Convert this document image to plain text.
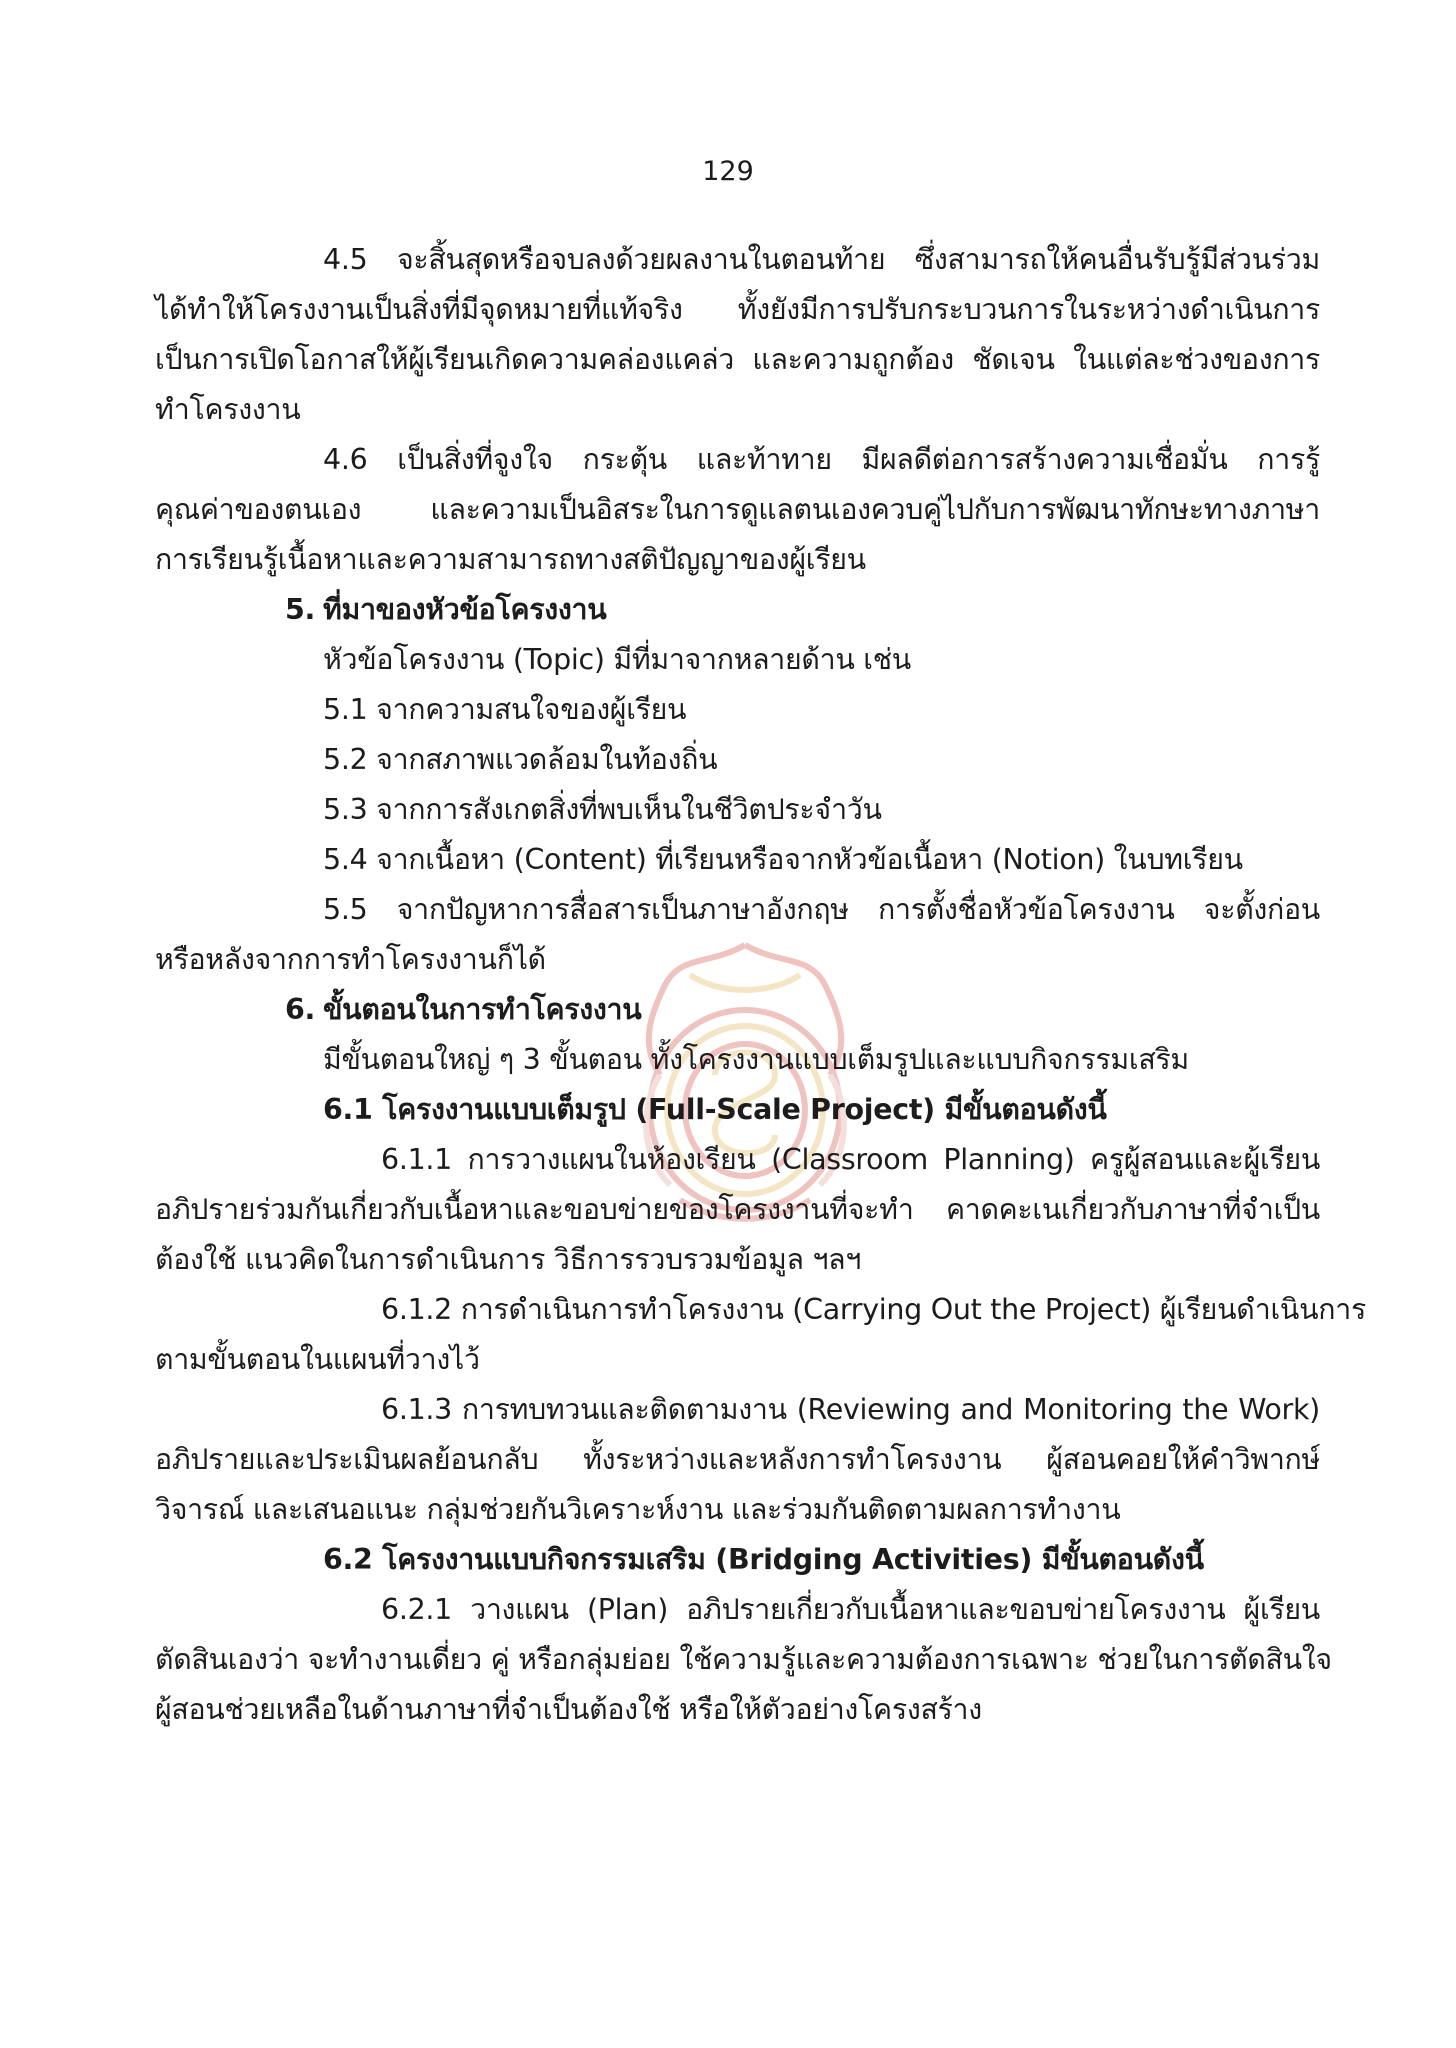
129
4.5 จะสิ้นสุดหรือจบลงด้วยผลงานในตอนท้าย ซึ่งสามารถให้คนอื่นรับรู้มีส่วนร่วม
ได้ทำให้โครงงานเป็นสิ่งที่มีจุดหมายที่แท้จริง ทั้งยังมีการปรับกระบวนการในระหว่างดำเนินการ
เป็นการเปิดโอกาสให้ผู้เรียนเกิดความคล่องแคล่ว และความถูกต้อง ชัดเจน ในแต่ละช่วงของการ
ทำโครงงาน
4.6 เป็นสิ่งที่จูงใจ กระตุ้น และท้าทาย มีผลดีต่อการสร้างความเชื่อมั่น การรู้
คุณค่าของตนเอง และความเป็นอิสระในการดูแลตนเองควบคู่ไปกับการพัฒนาทักษะทางภาษา
การเรียนรู้เนื้อหาและความสามารถทางสติปัญญาของผู้เรียน
5. ที่มาของหัวข้อโครงงาน
หัวข้อโครงงาน (Topic) มีที่มาจากหลายด้าน เช่น
5.1 จากความสนใจของผู้เรียน
5.2 จากสภาพแวดล้อมในท้องถิ่น
5.3 จากการสังเกตสิ่งที่พบเห็นในชีวิตประจำวัน
5.4 จากเนื้อหา (Content) ที่เรียนหรือจากหัวข้อเนื้อหา (Notion) ในบทเรียน
5.5 จากปัญหาการสื่อสารเป็นภาษาอังกฤษ การตั้งชื่อหัวข้อโครงงาน จะตั้งก่อน
หรือหลังจากการทำโครงงานก็ได้
6. ขั้นตอนในการทำโครงงาน
มีขั้นตอนใหญ่ ๆ 3 ขั้นตอน ทั้งโครงงานแบบเต็มรูปและแบบกิจกรรมเสริม
6.1 โครงงานแบบเต็มรูป (Full-Scale Project) มีขั้นตอนดังนี้
6.1.1 การวางแผนในห้องเรียน (Classroom Planning) ครูผู้สอนและผู้เรียน
อภิปรายร่วมกันเกี่ยวกับเนื้อหาและขอบข่ายของโครงงานที่จะทำ คาดคะเนเกี่ยวกับภาษาที่จำเป็น
ต้องใช้ แนวคิดในการดำเนินการ วิธีการรวบรวมข้อมูล ฯลฯ
6.1.2 การดำเนินการทำโครงงาน (Carrying Out the Project) ผู้เรียนดำเนินการ
ตามขั้นตอนในแผนที่วางไว้
6.1.3 การทบทวนและติดตามงาน (Reviewing and Monitoring the Work)
อภิปรายและประเมินผลย้อนกลับ ทั้งระหว่างและหลังการทำโครงงาน ผู้สอนคอยให้คำวิพากษ์
วิจารณ์ และเสนอแนะ กลุ่มช่วยกันวิเคราะห์งาน และร่วมกันติดตามผลการทำงาน
6.2 โครงงานแบบกิจกรรมเสริม (Bridging Activities) มีขั้นตอนดังนี้
6.2.1 วางแผน (Plan) อภิปรายเกี่ยวกับเนื้อหาและขอบข่ายโครงงาน ผู้เรียน
ตัดสินเองว่า จะทำงานเดี่ยว คู่ หรือกลุ่มย่อย ใช้ความรู้และความต้องการเฉพาะ ช่วยในการตัดสินใจ
ผู้สอนช่วยเหลือในด้านภาษาที่จำเป็นต้องใช้ หรือให้ตัวอย่างโครงสร้าง
